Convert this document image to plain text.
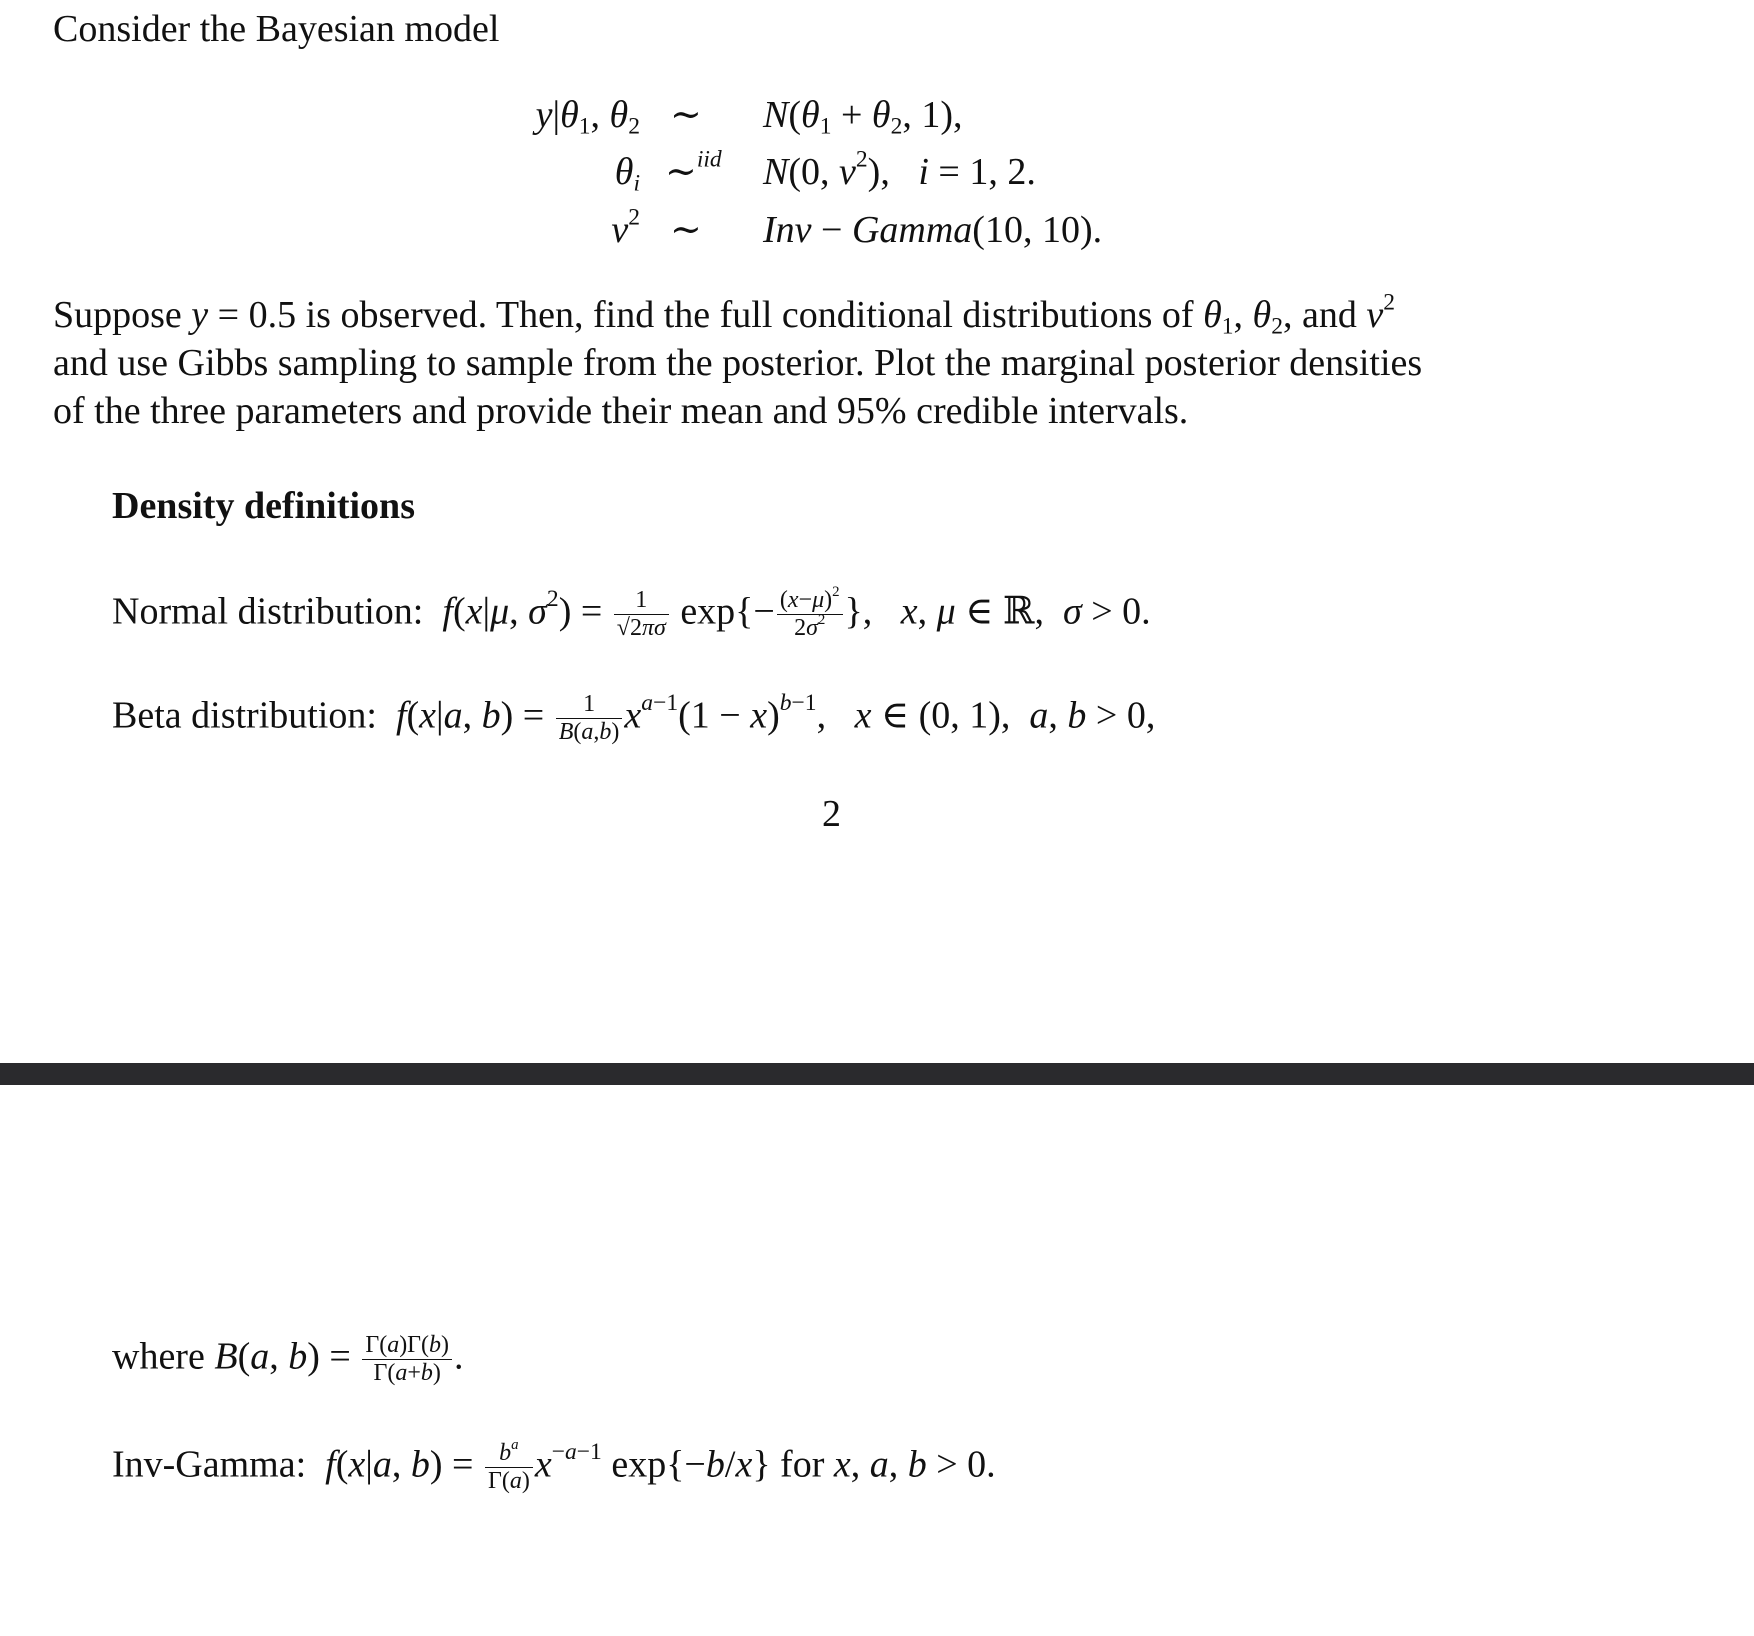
Consider the Bayesian model
$y|\theta_1$, $\theta_2$ ∼ $N(\theta_1 + \theta_2$, 1),
$\theta_i$ ∼$^{iid}$ N(0, $\nu^2$),   i = 1, 2.
$\nu^2$ ∼ Inv − Gamma(10, 10).
Suppose y = 0.5 is observed. Then, find the full conditional distributions of $\theta_1$, $\theta_2$, and $\nu^2$
and use Gibbs sampling to sample from the posterior. Plot the marginal posterior densities
of the three parameters and provide their mean and 95% credible intervals.
Density definitions
Normal distribution: f(x|μ, $\sigma^2) = \frac{1}{√2\pi\sigma} \exp\{- \frac{(x-\mu)^2}{2\sigma^2}$ },   x, μ ∈ ℝ,  σ > 0.
Beta distribution: f(x|a, $b) = \frac{1}{B(a,b)} x^{a-1}(1 - x)^{b-1}$,   x ∈ (0, 1),  a, b > 0,
2
where B(a, $b) = \frac{\Gamma(a)\Gamma(b)}{\Gamma(a+b)}$ .
Inv-Gamma: f(x|a, $b) = \frac{b^a}{\Gamma(a)} x^{-a-1}$ exp{−b/x} for x, a, b > 0.
